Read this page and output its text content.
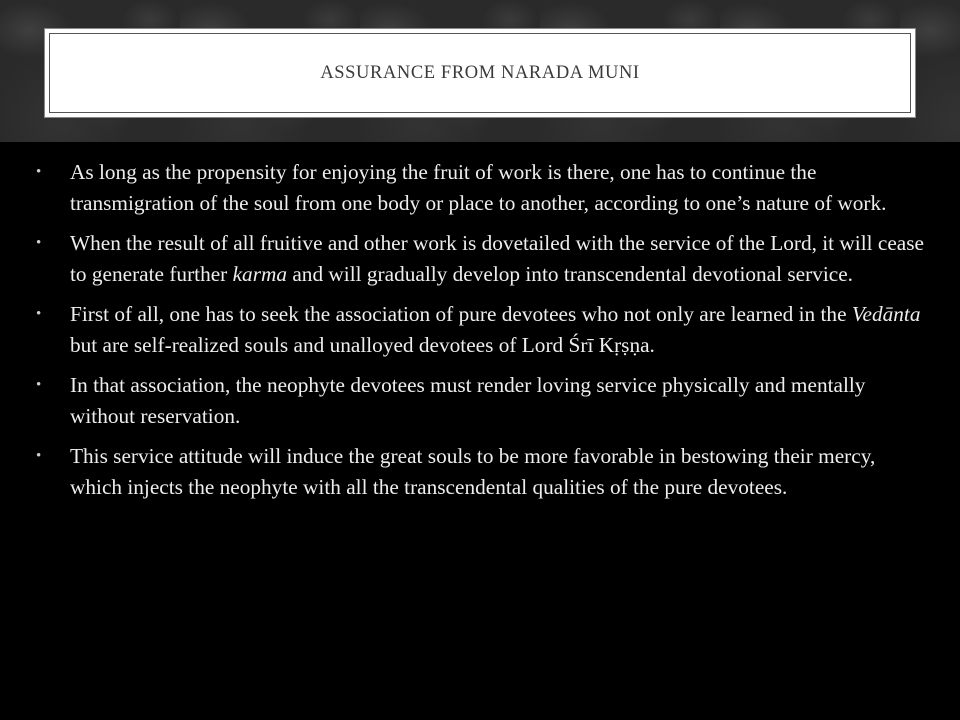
ASSURANCE FROM NARADA MUNI
•	As long as the propensity for enjoying the fruit of work is there, one has to continue the transmigration of the soul from one body or place to another, according to one’s nature of work.
•	When the result of all fruitive and other work is dovetailed with the service of the Lord, it will cease to generate further karma and will gradually develop into transcendental devotional service.
•	First of all, one has to seek the association of pure devotees who not only are learned in the Vedānta but are self-realized souls and unalloyed devotees of Lord Śrī Kṛṣṇa.
•	In that association, the neophyte devotees must render loving service physically and mentally without reservation.
•	This service attitude will induce the great souls to be more favorable in bestowing their mercy, which injects the neophyte with all the transcendental qualities of the pure devotees.
